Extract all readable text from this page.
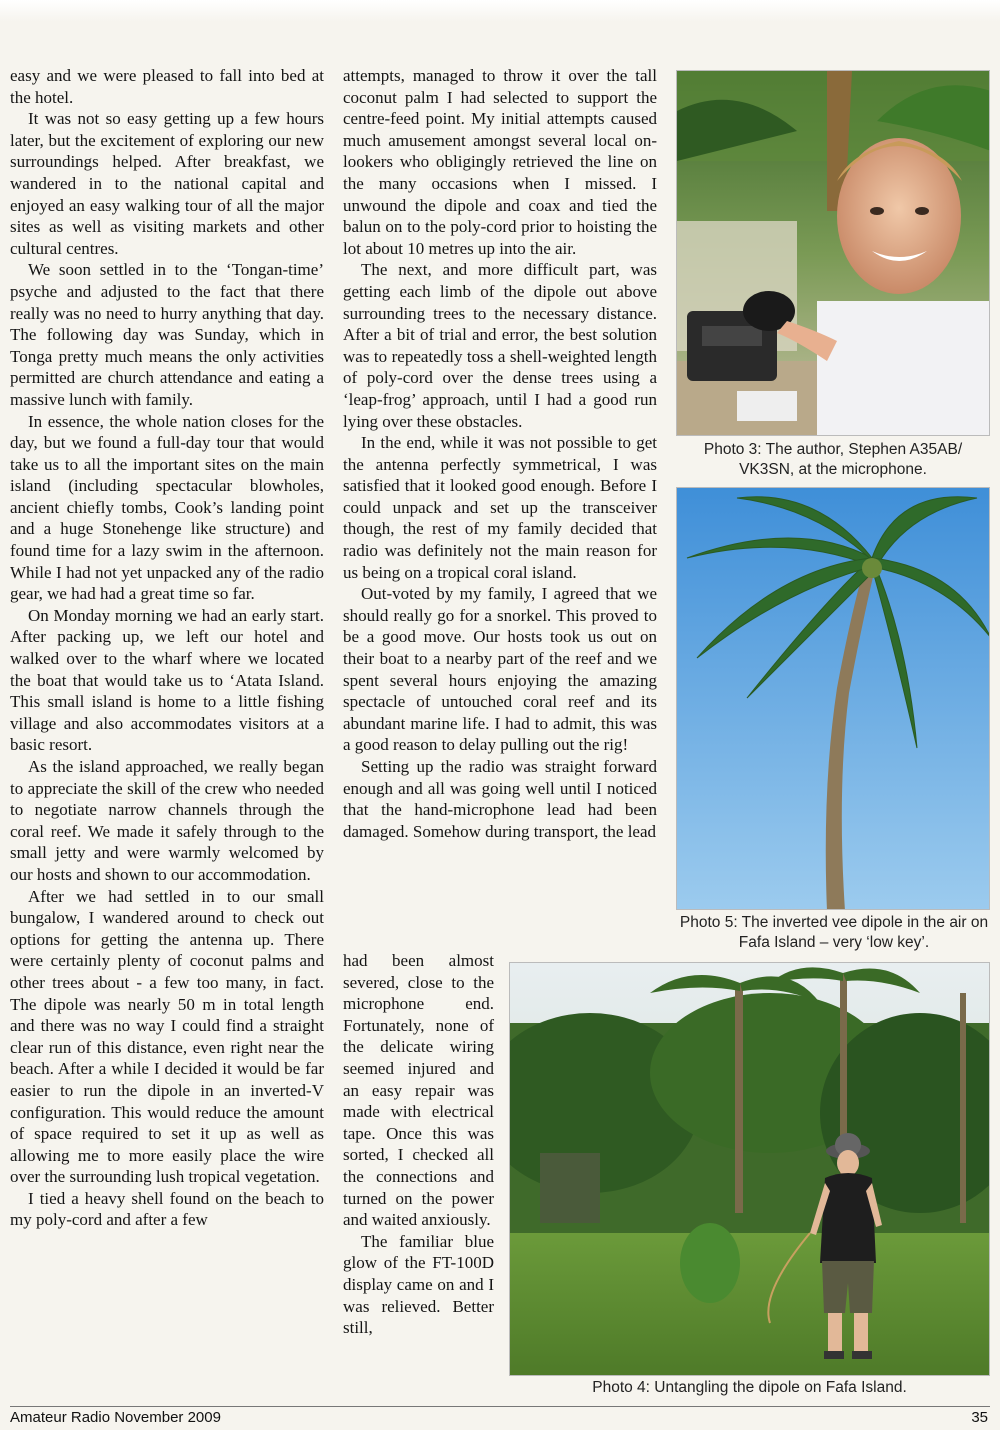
easy and we were pleased to fall into bed at the hotel.

It was not so easy getting up a few hours later, but the excitement of exploring our new surroundings helped. After breakfast, we wandered in to the national capital and enjoyed an easy walking tour of all the major sites as well as visiting markets and other cultural centres.

We soon settled in to the ‘Tongan-time’ psyche and adjusted to the fact that there really was no need to hurry anything that day. The following day was Sunday, which in Tonga pretty much means the only activities permitted are church attendance and eating a massive lunch with family.

In essence, the whole nation closes for the day, but we found a full-day tour that would take us to all the important sites on the main island (including spectacular blowholes, ancient chiefly tombs, Cook’s landing point and a huge Stonehenge like structure) and found time for a lazy swim in the afternoon. While I had not yet unpacked any of the radio gear, we had had a great time so far.

On Monday morning we had an early start. After packing up, we left our hotel and walked over to the wharf where we located the boat that would take us to ‘Atata Island. This small island is home to a little fishing village and also accommodates visitors at a basic resort.

As the island approached, we really began to appreciate the skill of the crew who needed to negotiate narrow channels through the coral reef. We made it safely through to the small jetty and were warmly welcomed by our hosts and shown to our accommodation.

After we had settled in to our small bungalow, I wandered around to check out options for getting the antenna up. There were certainly plenty of coconut palms and other trees about - a few too many, in fact. The dipole was nearly 50 m in total length and there was no way I could find a straight clear run of this distance, even right near the beach. After a while I decided it would be far easier to run the dipole in an inverted-V configuration. This would reduce the amount of space required to set it up as well as allowing me to more easily place the wire over the surrounding lush tropical vegetation.

I tied a heavy shell found on the beach to my poly-cord and after a few

attempts, managed to throw it over the tall coconut palm I had selected to support the centre-feed point. My initial attempts caused much amusement amongst several local on-lookers who obligingly retrieved the line on the many occasions when I missed. I unwound the dipole and coax and tied the balun on to the poly-cord prior to hoisting the lot about 10 metres up into the air.

The next, and more difficult part, was getting each limb of the dipole out above surrounding trees to the necessary distance. After a bit of trial and error, the best solution was to repeatedly toss a shell-weighted length of poly-cord over the dense trees using a ‘leap-frog’ approach, until I had a good run lying over these obstacles.

In the end, while it was not possible to get the antenna perfectly symmetrical, I was satisfied that it looked good enough. Before I could unpack and set up the transceiver though, the rest of my family decided that radio was definitely not the main reason for us being on a tropical coral island.

Out-voted by my family, I agreed that we should really go for a snorkel. This proved to be a good move. Our hosts took us out on their boat to a nearby part of the reef and we spent several hours enjoying the amazing spectacle of untouched coral reef and its abundant marine life. I had to admit, this was a good reason to delay pulling out the rig!

Setting up the radio was straight forward enough and all was going well until I noticed that the hand-microphone lead had been damaged. Somehow during transport, the lead

had been almost severed, close to the microphone end. Fortunately, none of the delicate wiring seemed injured and an easy repair was made with electrical tape. Once this was sorted, I checked all the connections and turned on the power and waited anxiously.

The familiar blue glow of the FT-100D display came on and I was relieved. Better still,

Photo 3: The author, Stephen A35AB/ VK3SN, at the microphone.
Photo 5: The inverted vee dipole in the air on Fafa Island – very ‘low key’.
Photo 4: Untangling the dipole on Fafa Island.
Amateur Radio November 2009	35
